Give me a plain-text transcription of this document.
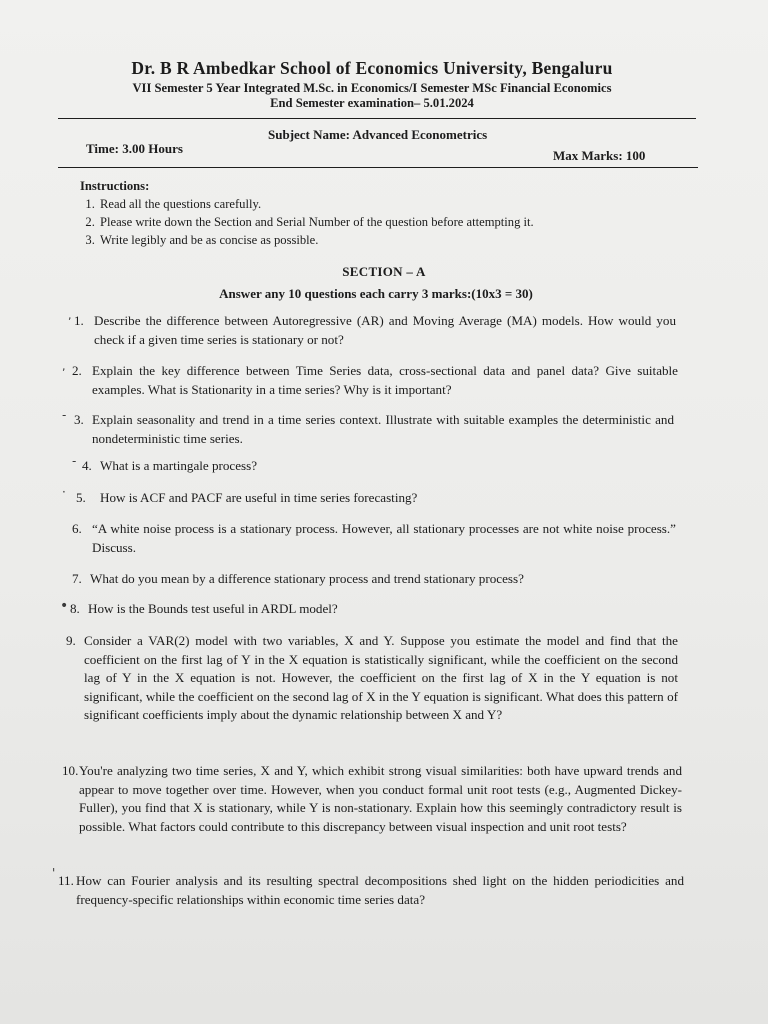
Dr. B R Ambedkar School of Economics University, Bengaluru
VII Semester 5 Year Integrated M.Sc. in Economics/I Semester MSc Financial Economics
End Semester examination– 5.01.2024
Subject Name: Advanced Econometrics
Time: 3.00 Hours	Max Marks: 100
Instructions:
1. Read all the questions carefully.
2. Please write down the Section and Serial Number of the question before attempting it.
3. Write legibly and be as concise as possible.
SECTION – A
Answer any 10 questions each carry 3 marks:(10x3 = 30)
, 1. Describe the difference between Autoregressive (AR) and Moving Average (MA) models. How would you check if a given time series is stationary or not?
, 2. Explain the key difference between Time Series data, cross-sectional data and panel data? Give suitable examples. What is Stationarity in a time series? Why is it important?
- 3. Explain seasonality and trend in a time series context. Illustrate with suitable examples the deterministic and nondeterministic time series.
- 4. What is a martingale process?
· 5.	How is ACF and PACF are useful in time series forecasting?
6. “A white noise process is a stationary process. However, all stationary processes are not white noise process.” Discuss.
7. What do you mean by a difference stationary process and trend stationary process?
• 8. How is the Bounds test useful in ARDL model?
9. Consider a VAR(2) model with two variables, X and Y. Suppose you estimate the model and find that the coefficient on the first lag of Y in the X equation is statistically significant, while the coefficient on the second lag of Y in the X equation is not. However, the coefficient on the first lag of X in the Y equation is not significant, while the coefficient on the second lag of X in the Y equation is significant. What does this pattern of significant coefficients imply about the dynamic relationship between X and Y?
10. You're analyzing two time series, X and Y, which exhibit strong visual similarities: both have upward trends and appear to move together over time. However, when you conduct formal unit root tests (e.g., Augmented Dickey-Fuller), you find that X is stationary, while Y is non-stationary. Explain how this seemingly contradictory result is possible. What factors could contribute to this discrepancy between visual inspection and unit root tests?
' 11. How can Fourier analysis and its resulting spectral decompositions shed light on the hidden periodicities and frequency-specific relationships within economic time series data?
